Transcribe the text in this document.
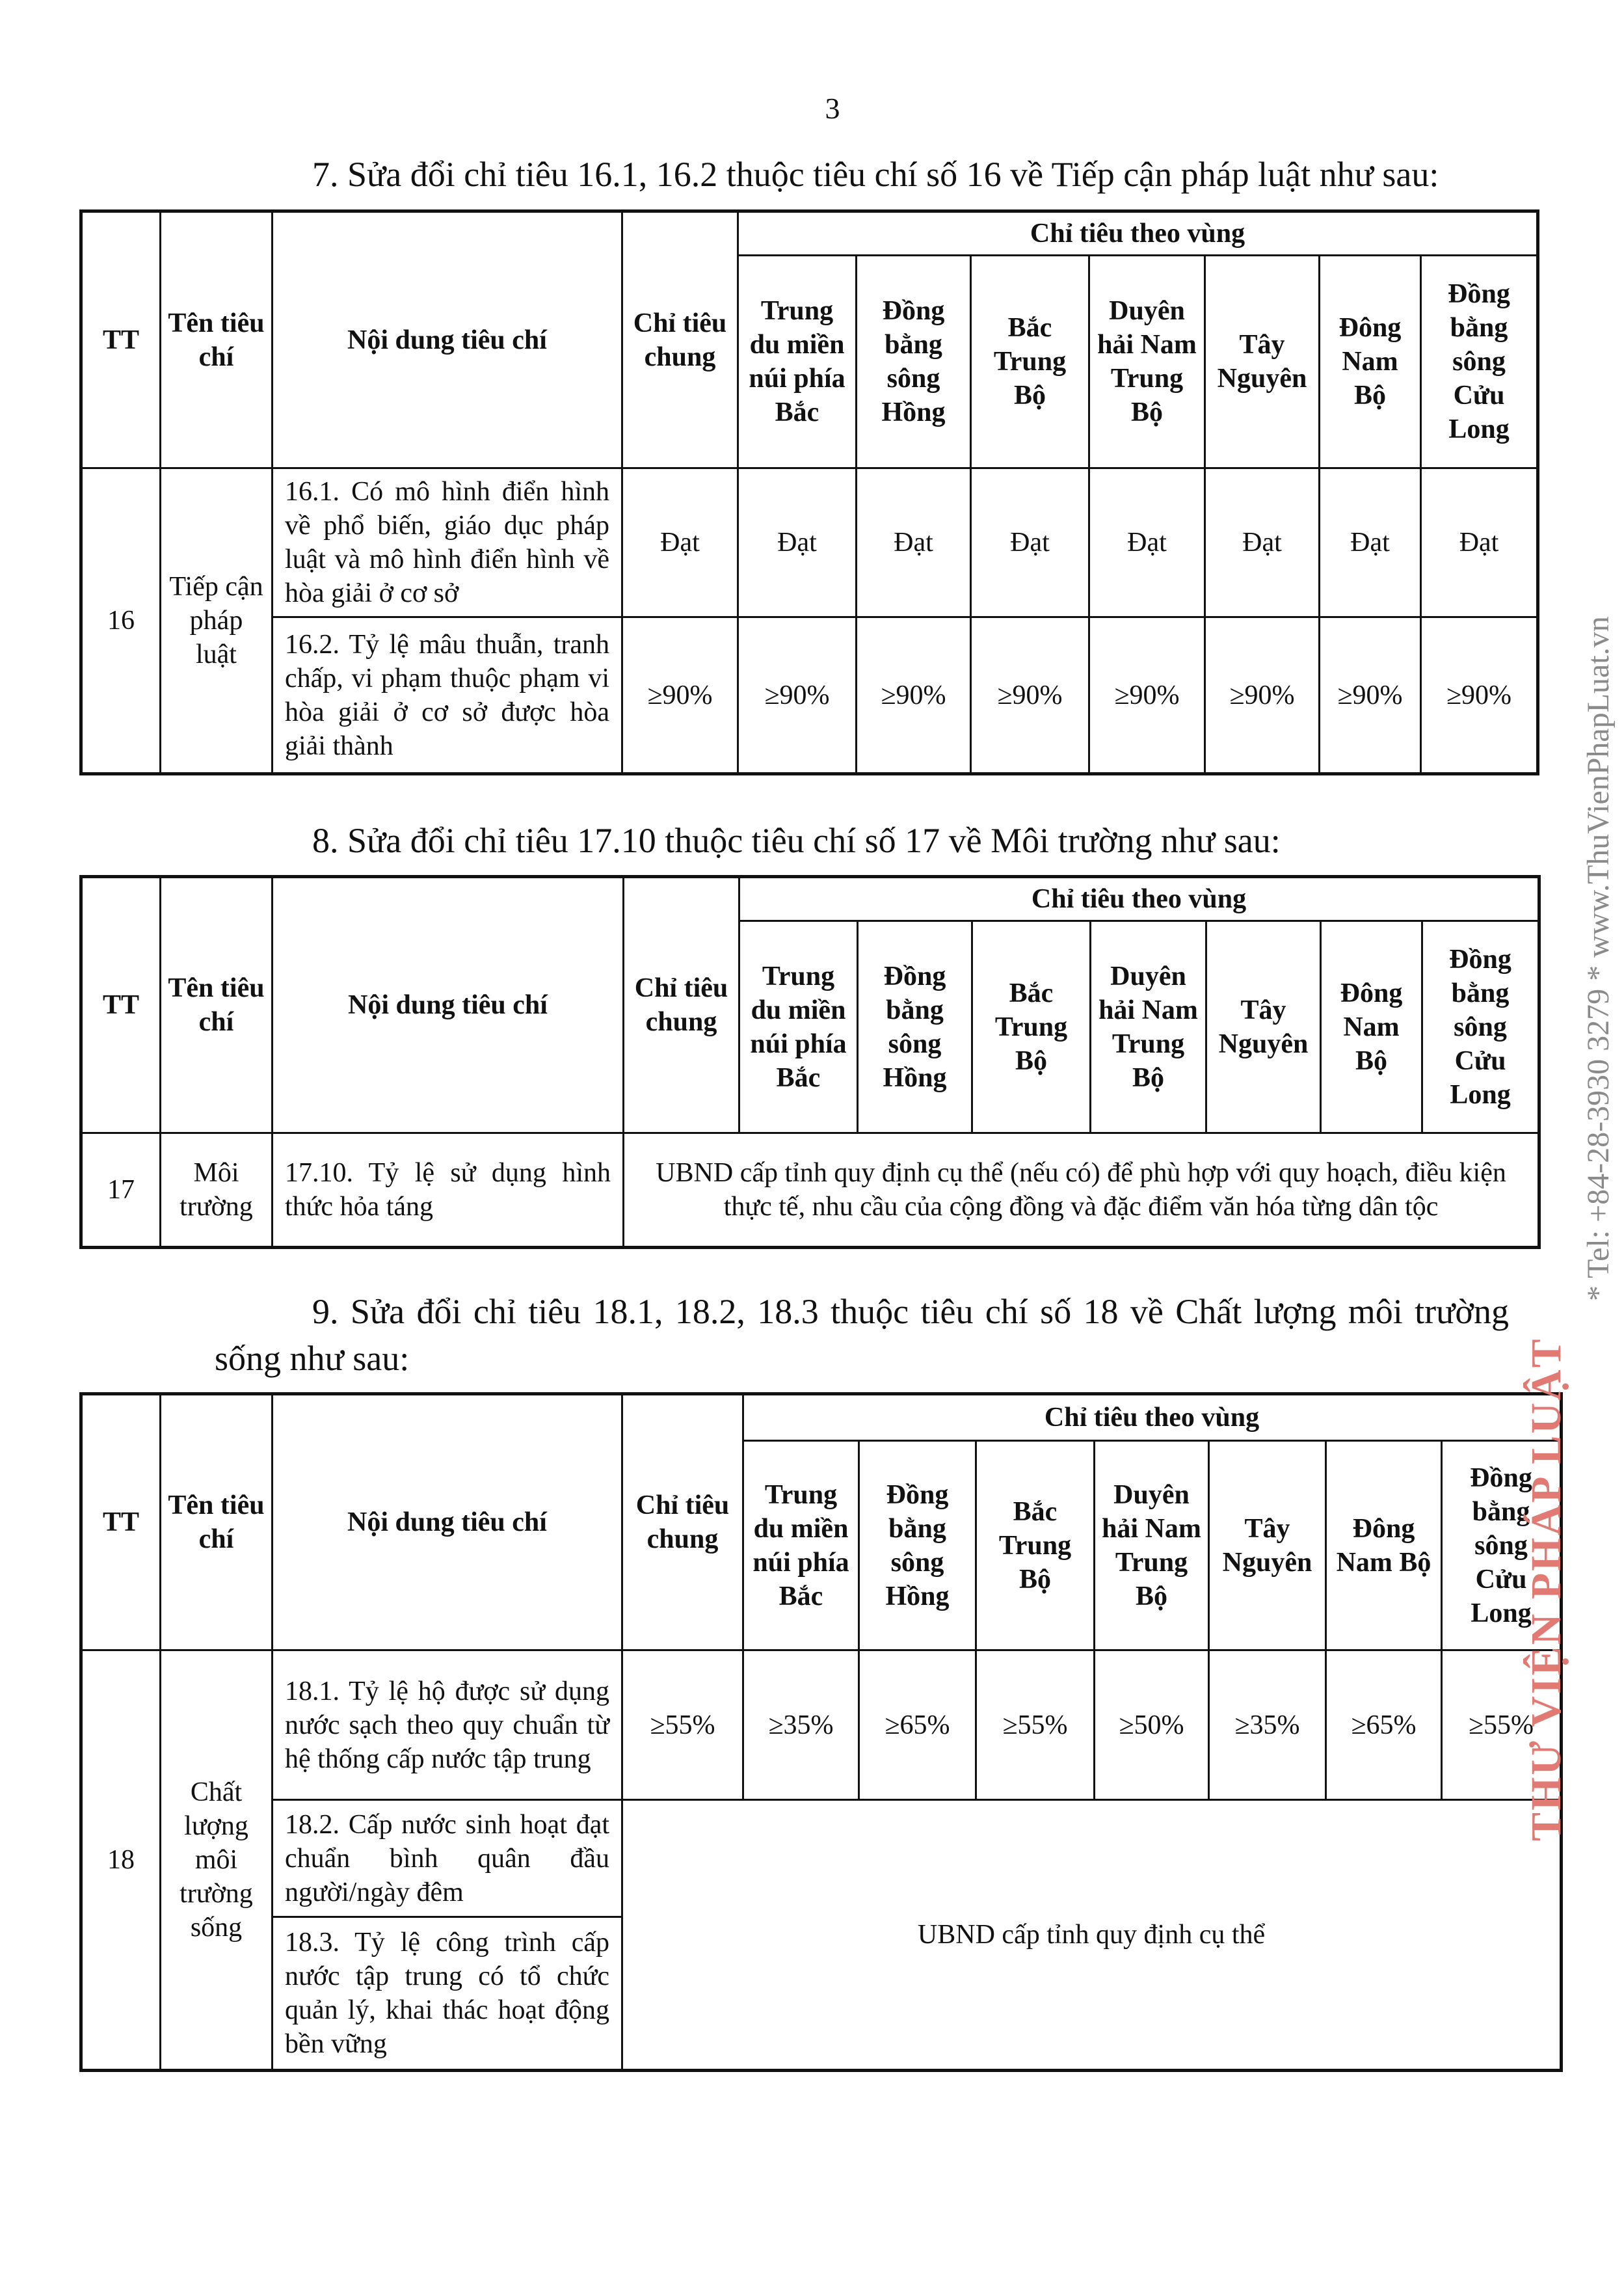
3
7. Sửa đổi chỉ tiêu 16.1, 16.2 thuộc tiêu chí số 16 về Tiếp cận pháp luật như sau:
TT	Tên tiêu chí	Nội dung tiêu chí	Chỉ tiêu chung	Chỉ tiêu theo vùng						
				Trung du miền núi phía Bắc	Đồng bằng sông Hồng	Bắc Trung Bộ	Duyên hải Nam Trung Bộ	Tây Nguyên	Đông Nam Bộ	Đồng bằng sông Cửu Long
16	Tiếp cận pháp luật	16.1. Có mô hình điển hình về phổ biến, giáo dục pháp luật và mô hình điển hình về hòa giải ở cơ sở	Đạt	Đạt	Đạt	Đạt	Đạt	Đạt	Đạt	Đạt
		16.2. Tỷ lệ mâu thuẫn, tranh chấp, vi phạm thuộc phạm vi hòa giải ở cơ sở được hòa giải thành	≥90%	≥90%	≥90%	≥90%	≥90%	≥90%	≥90%	≥90%
8. Sửa đổi chỉ tiêu 17.10 thuộc tiêu chí số 17 về Môi trường như sau:
TT	Tên tiêu chí	Nội dung tiêu chí	Chỉ tiêu chung	Chỉ tiêu theo vùng						
				Trung du miền núi phía Bắc	Đồng bằng sông Hồng	Bắc Trung Bộ	Duyên hải Nam Trung Bộ	Tây Nguyên	Đông Nam Bộ	Đồng bằng sông Cửu Long
17	Môi trường	17.10. Tỷ lệ sử dụng hình thức hỏa táng	UBND cấp tỉnh quy định cụ thể (nếu có) để phù hợp với quy hoạch, điều kiện thực tế, nhu cầu của cộng đồng và đặc điểm văn hóa từng dân tộc							
9. Sửa đổi chỉ tiêu 18.1, 18.2, 18.3 thuộc tiêu chí số 18 về Chất lượng môi trường sống như sau:
TT	Tên tiêu chí	Nội dung tiêu chí	Chỉ tiêu chung	Chỉ tiêu theo vùng						
				Trung du miền núi phía Bắc	Đồng bằng sông Hồng	Bắc Trung Bộ	Duyên hải Nam Trung Bộ	Tây Nguyên	Đông Nam Bộ	Đồng bằng sông Cửu Long
18	Chất lượng môi trường sống	18.1. Tỷ lệ hộ được sử dụng nước sạch theo quy chuẩn từ hệ thống cấp nước tập trung	≥55%	≥35%	≥65%	≥55%	≥50%	≥35%	≥65%	≥55%
		18.2. Cấp nước sinh hoạt đạt chuẩn bình quân đầu người/ngày đêm	UBND cấp tỉnh quy định cụ thể							
		18.3. Tỷ lệ công trình cấp nước tập trung có tổ chức quản lý, khai thác hoạt động bền vững								
THƯ VIỆN PHÁP LUẬT
* Tel: +84-28-3930 3279 * www.ThuVienPhapLuat.vn
